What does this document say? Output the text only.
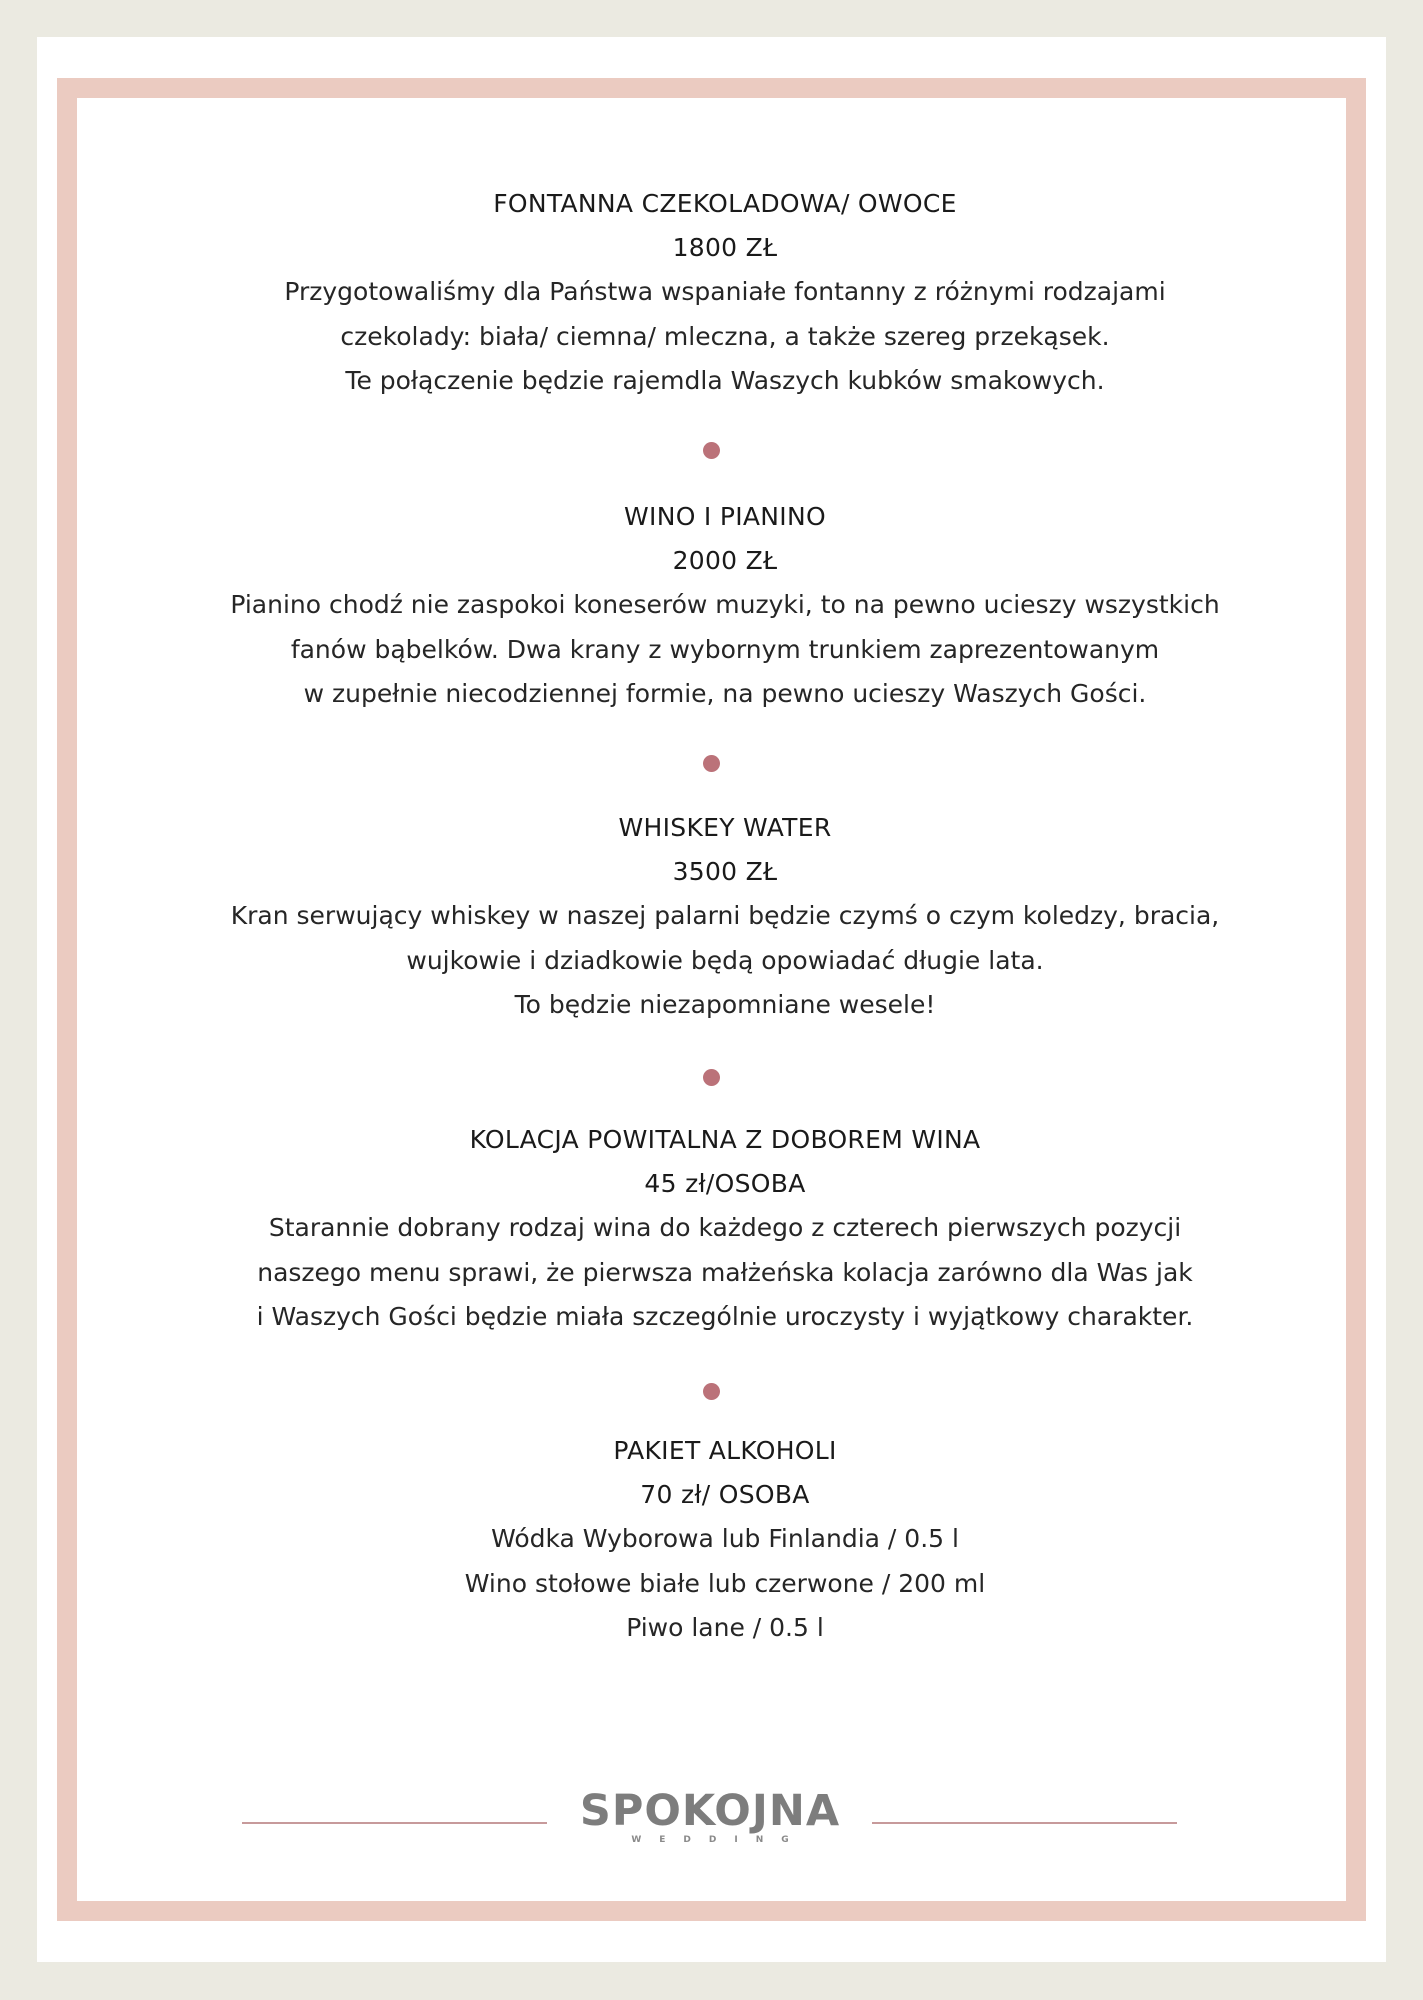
FONTANNA CZEKOLADOWA/ OWOCE
1800 ZŁ
Przygotowaliśmy dla Państwa wspaniałe fontanny z różnymi rodzajami
czekolady: biała/ ciemna/ mleczna, a także szereg przekąsek.
Te połączenie będzie rajemdla Waszych kubków smakowych.
WINO I PIANINO
2000 ZŁ
Pianino chodź nie zaspokoi koneserów muzyki, to na pewno ucieszy wszystkich
fanów bąbelków. Dwa krany z wybornym trunkiem zaprezentowanym
w zupełnie niecodziennej formie, na pewno ucieszy Waszych Gości.
WHISKEY WATER
3500 ZŁ
Kran serwujący whiskey w naszej palarni będzie czymś o czym koledzy, bracia,
wujkowie i dziadkowie będą opowiadać długie lata.
To będzie niezapomniane wesele!
KOLACJA POWITALNA Z DOBOREM WINA
45 zł/OSOBA
Starannie dobrany rodzaj wina do każdego z czterech pierwszych pozycji
naszego menu sprawi, że pierwsza małżeńska kolacja zarówno dla Was jak
i Waszych Gości będzie miała szczególnie uroczysty i wyjątkowy charakter.
PAKIET ALKOHOLI
70 zł/ OSOBA
Wódka Wyborowa lub Finlandia / 0.5 l
Wino stołowe białe lub czerwone / 200 ml
Piwo lane / 0.5 l
SPOKOJNA
WEDDING
